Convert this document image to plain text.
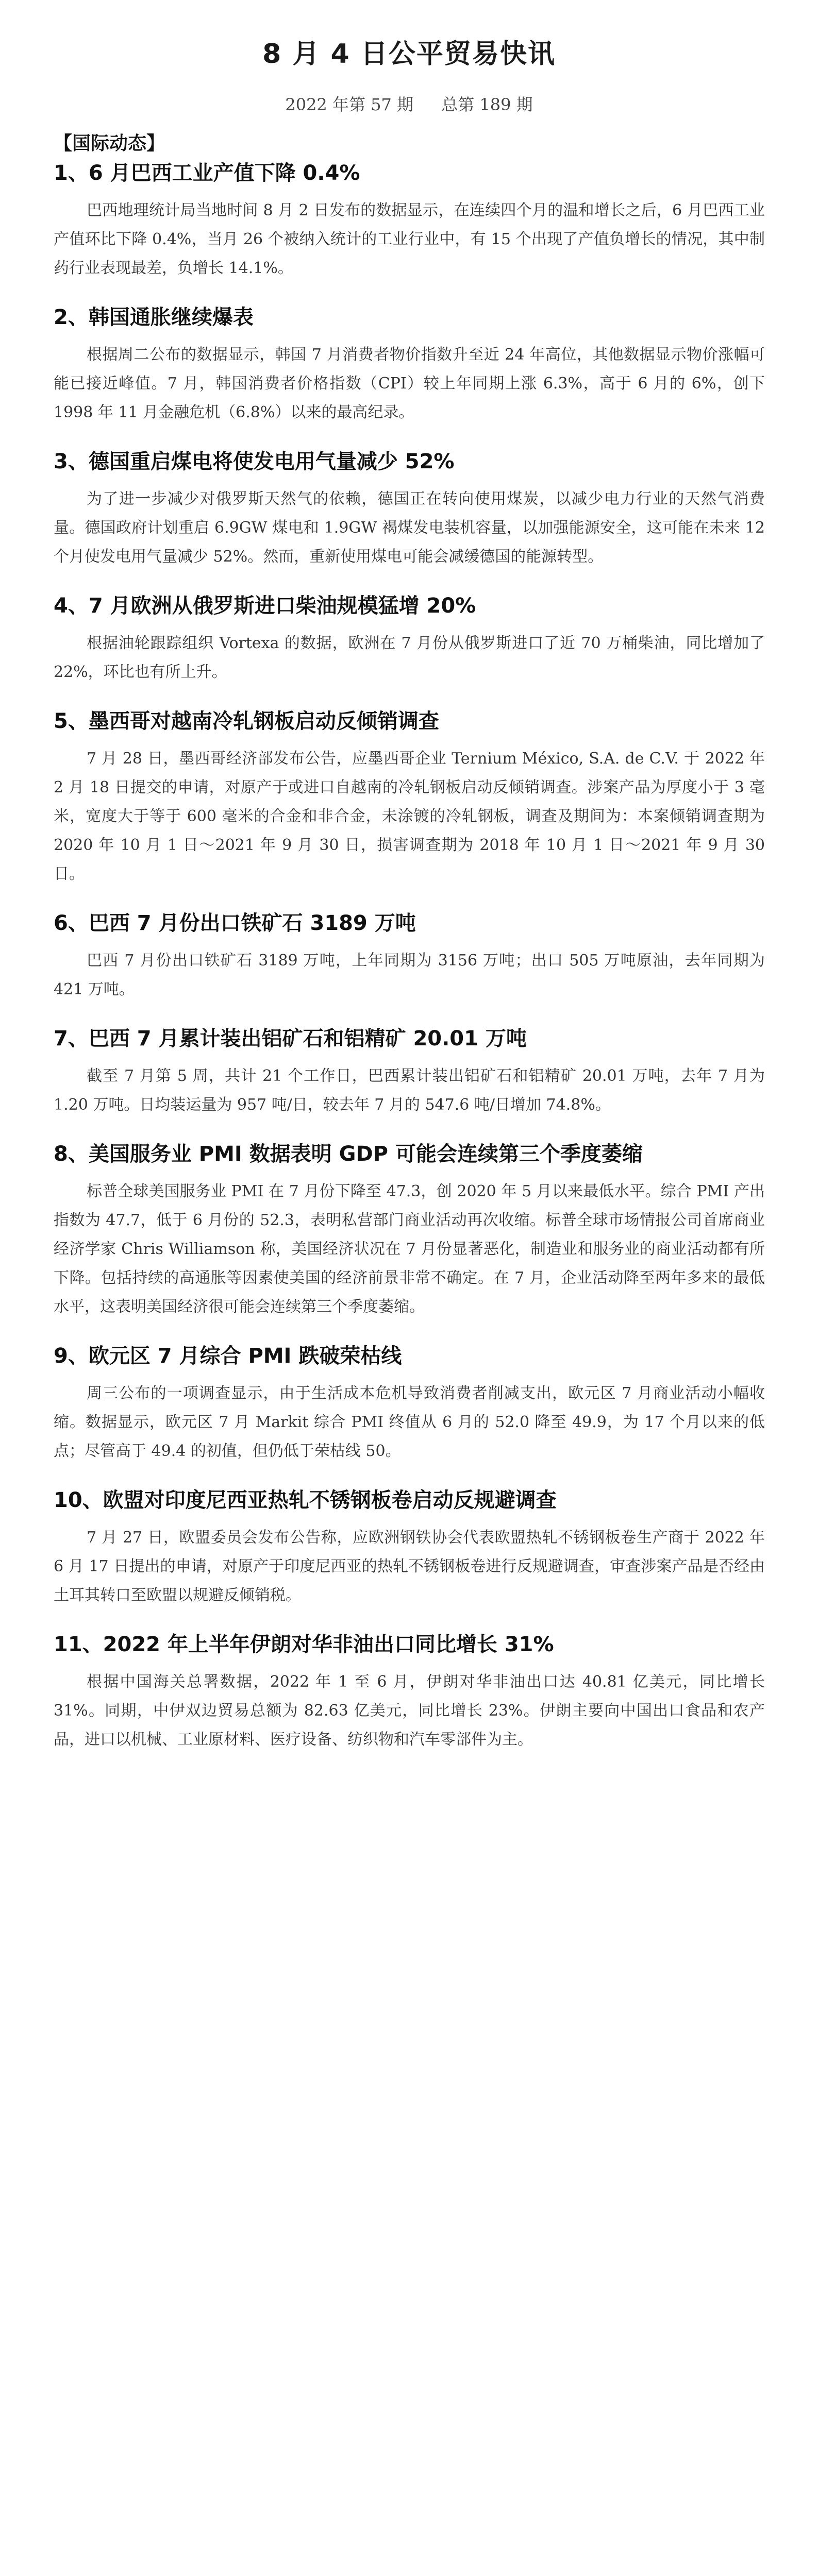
8 月 4 日公平贸易快讯
2022 年第 57 期 总第 189 期
【国际动态】
1、6 月巴西工业产值下降 0.4%

巴西地理统计局当地时间 8 月 2 日发布的数据显示，在连续四个月的温和增长之后，6 月巴西工业产值环比下降 0.4%，当月 26 个被纳入统计的工业行业中，有 15 个出现了产值负增长的情况，其中制药行业表现最差，负增长 14.1%。

2、韩国通胀继续爆表

根据周二公布的数据显示，韩国 7 月消费者物价指数升至近 24 年高位，其他数据显示物价涨幅可能已接近峰值。7 月，韩国消费者价格指数（CPI）较上年同期上涨 6.3%，高于 6 月的 6%，创下 1998 年 11 月金融危机（6.8%）以来的最高纪录。

3、德国重启煤电将使发电用气量减少 52%

为了进一步减少对俄罗斯天然气的依赖，德国正在转向使用煤炭，以减少电力行业的天然气消费量。德国政府计划重启 6.9GW 煤电和 1.9GW 褐煤发电装机容量，以加强能源安全，这可能在未来 12 个月使发电用气量减少 52%。然而，重新使用煤电可能会减缓德国的能源转型。

4、7 月欧洲从俄罗斯进口柴油规模猛增 20%

根据油轮跟踪组织 Vortexa 的数据，欧洲在 7 月份从俄罗斯进口了近 70 万桶柴油，同比增加了 22%，环比也有所上升。

5、墨西哥对越南冷轧钢板启动反倾销调查

7 月 28 日，墨西哥经济部发布公告，应墨西哥企业 Ternium México, S.A. de C.V. 于 2022 年 2 月 18 日提交的申请，对原产于或进口自越南的冷轧钢板启动反倾销调查。涉案产品为厚度小于 3 毫米，宽度大于等于 600 毫米的合金和非合金，未涂镀的冷轧钢板，调查及期间为：本案倾销调查期为 2020 年 10 月 1 日～2021 年 9 月 30 日，损害调查期为 2018 年 10 月 1 日～2021 年 9 月 30 日。

6、巴西 7 月份出口铁矿石 3189 万吨

巴西 7 月份出口铁矿石 3189 万吨，上年同期为 3156 万吨；出口 505 万吨原油，去年同期为 421 万吨。

7、巴西 7 月累计装出铝矿石和铝精矿 20.01 万吨

截至 7 月第 5 周，共计 21 个工作日，巴西累计装出铝矿石和铝精矿 20.01 万吨，去年 7 月为 1.20 万吨。日均装运量为 957 吨/日，较去年 7 月的 547.6 吨/日增加 74.8%。

8、美国服务业 PMI 数据表明 GDP 可能会连续第三个季度萎缩

标普全球美国服务业 PMI 在 7 月份下降至 47.3，创 2020 年 5 月以来最低水平。综合 PMI 产出指数为 47.7，低于 6 月份的 52.3，表明私营部门商业活动再次收缩。标普全球市场情报公司首席商业经济学家 Chris Williamson 称，美国经济状况在 7 月份显著恶化，制造业和服务业的商业活动都有所下降。包括持续的高通胀等因素使美国的经济前景非常不确定。在 7 月，企业活动降至两年多来的最低水平，这表明美国经济很可能会连续第三个季度萎缩。

9、欧元区 7 月综合 PMI 跌破荣枯线

周三公布的一项调查显示，由于生活成本危机导致消费者削减支出，欧元区 7 月商业活动小幅收缩。数据显示，欧元区 7 月 Markit 综合 PMI 终值从 6 月的 52.0 降至 49.9，为 17 个月以来的低点；尽管高于 49.4 的初值，但仍低于荣枯线 50。

10、欧盟对印度尼西亚热轧不锈钢板卷启动反规避调查

7 月 27 日，欧盟委员会发布公告称，应欧洲钢铁协会代表欧盟热轧不锈钢板卷生产商于 2022 年 6 月 17 日提出的申请，对原产于印度尼西亚的热轧不锈钢板卷进行反规避调查，审查涉案产品是否经由土耳其转口至欧盟以规避反倾销税。

11、2022 年上半年伊朗对华非油出口同比增长 31%

根据中国海关总署数据，2022 年 1 至 6 月，伊朗对华非油出口达 40.81 亿美元，同比增长 31%。同期，中伊双边贸易总额为 82.63 亿美元，同比增长 23%。伊朗主要向中国出口食品和农产品，进口以机械、工业原材料、医疗设备、纺织物和汽车零部件为主。
